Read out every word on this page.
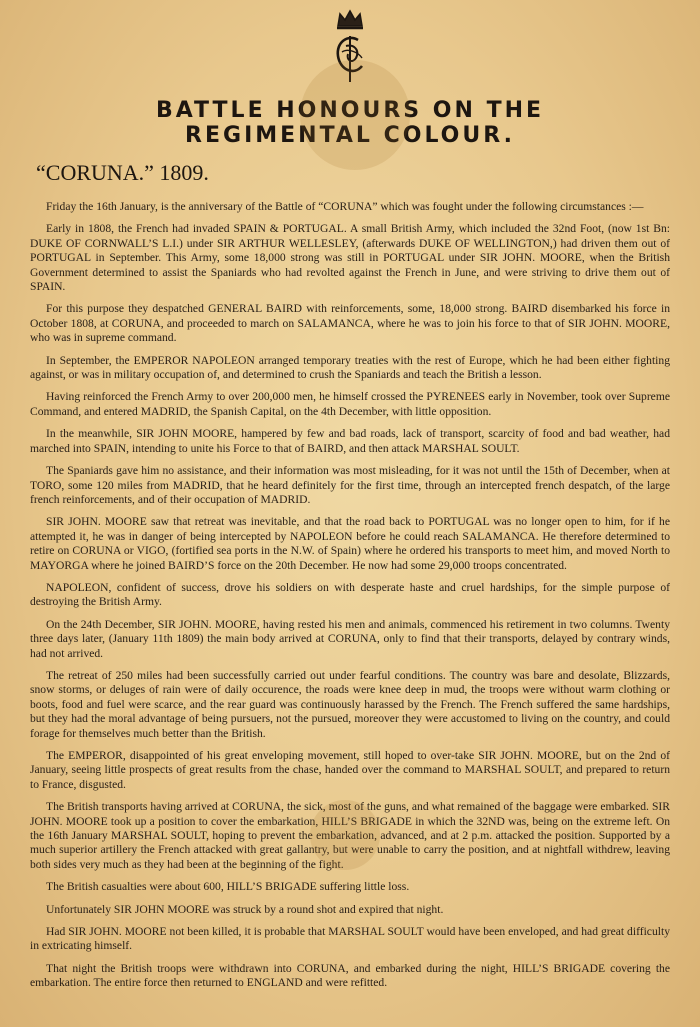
BATTLE HONOURS ON THE
REGIMENTAL COLOUR.
“CORUNA.” 1809.

Friday the 16th January, is the anniversary of the Battle of “CORUNA” which was fought under the following circumstances :—

Early in 1808, the French had invaded SPAIN & PORTUGAL. A small British Army, which included the 32nd Foot, (now 1st Bn: DUKE OF CORNWALL’S L.I.) under SIR ARTHUR WELLESLEY, (afterwards DUKE OF WELLINGTON,) had driven them out of PORTUGAL in September. This Army, some 18,000 strong was still in PORTUGAL under SIR JOHN. MOORE, when the British Government determined to assist the Spaniards who had revolted against the French in June, and were striving to drive them out of SPAIN.

For this purpose they despatched GENERAL BAIRD with reinforcements, some, 18,000 strong. BAIRD disembarked his force in October 1808, at CORUNA, and proceeded to march on SALAMANCA, where he was to join his force to that of SIR JOHN. MOORE, who was in supreme command.

In September, the EMPEROR NAPOLEON arranged temporary treaties with the rest of Europe, which he had been either fighting against, or was in military occupation of, and determined to crush the Spaniards and teach the British a lesson.

Having reinforced the French Army to over 200,000 men, he himself crossed the PYRENEES early in November, took over Supreme Command, and entered MADRID, the Spanish Capital, on the 4th December, with little opposition.

In the meanwhile, SIR JOHN MOORE, hampered by few and bad roads, lack of transport, scarcity of food and bad weather, had marched into SPAIN, intending to unite his Force to that of BAIRD, and then attack MARSHAL SOULT.

The Spaniards gave him no assistance, and their information was most misleading, for it was not until the 15th of December, when at TORO, some 120 miles from MADRID, that he heard definitely for the first time, through an intercepted french despatch, of the large french reinforcements, and of their occupation of MADRID.

SIR JOHN. MOORE saw that retreat was inevitable, and that the road back to PORTUGAL was no longer open to him, for if he attempted it, he was in danger of being intercepted by NAPOLEON before he could reach SALAMANCA. He therefore determined to retire on CORUNA or VIGO, (fortified sea ports in the N.W. of Spain) where he ordered his transports to meet him, and moved North to MAYORGA where he joined BAIRD’S force on the 20th December. He now had some 29,000 troops concentrated.

NAPOLEON, confident of success, drove his soldiers on with desperate haste and cruel hardships, for the simple purpose of destroying the British Army.

On the 24th December, SIR JOHN. MOORE, having rested his men and animals, commenced his retirement in two columns. Twenty three days later, (January 11th 1809) the main body arrived at CORUNA, only to find that their transports, delayed by contrary winds, had not arrived.

The retreat of 250 miles had been successfully carried out under fearful conditions. The country was bare and desolate, Blizzards, snow storms, or deluges of rain were of daily occurence, the roads were knee deep in mud, the troops were without warm clothing or boots, food and fuel were scarce, and the rear guard was continuously harassed by the French. The French suffered the same hardships, but they had the moral advantage of being pursuers, not the pursued, moreover they were accustomed to living on the country, and could forage for themselves much better than the British.

The EMPEROR, disappointed of his great enveloping movement, still hoped to over-take SIR JOHN. MOORE, but on the 2nd of January, seeing little prospects of great results from the chase, handed over the command to MARSHAL SOULT, and prepared to return to France, disgusted.

The British transports having arrived at CORUNA, the sick, most of the guns, and what remained of the baggage were embarked. SIR JOHN. MOORE took up a position to cover the embarkation, HILL’S BRIGADE in which the 32ND was, being on the extreme left. On the 16th January MARSHAL SOULT, hoping to prevent the embarkation, advanced, and at 2 p.m. attacked the position. Supported by a much superior artillery the French attacked with great gallantry, but were unable to carry the position, and at nightfall withdrew, leaving both sides very much as they had been at the beginning of the fight.

The British casualties were about 600, HILL’S BRIGADE suffering little loss.

Unfortunately SIR JOHN MOORE was struck by a round shot and expired that night.

Had SIR JOHN. MOORE not been killed, it is probable that MARSHAL SOULT would have been enveloped, and had great difficulty in extricating himself.

That night the British troops were withdrawn into CORUNA, and embarked during the night, HILL’S BRIGADE covering the embarkation. The entire force then returned to ENGLAND and were refitted.
